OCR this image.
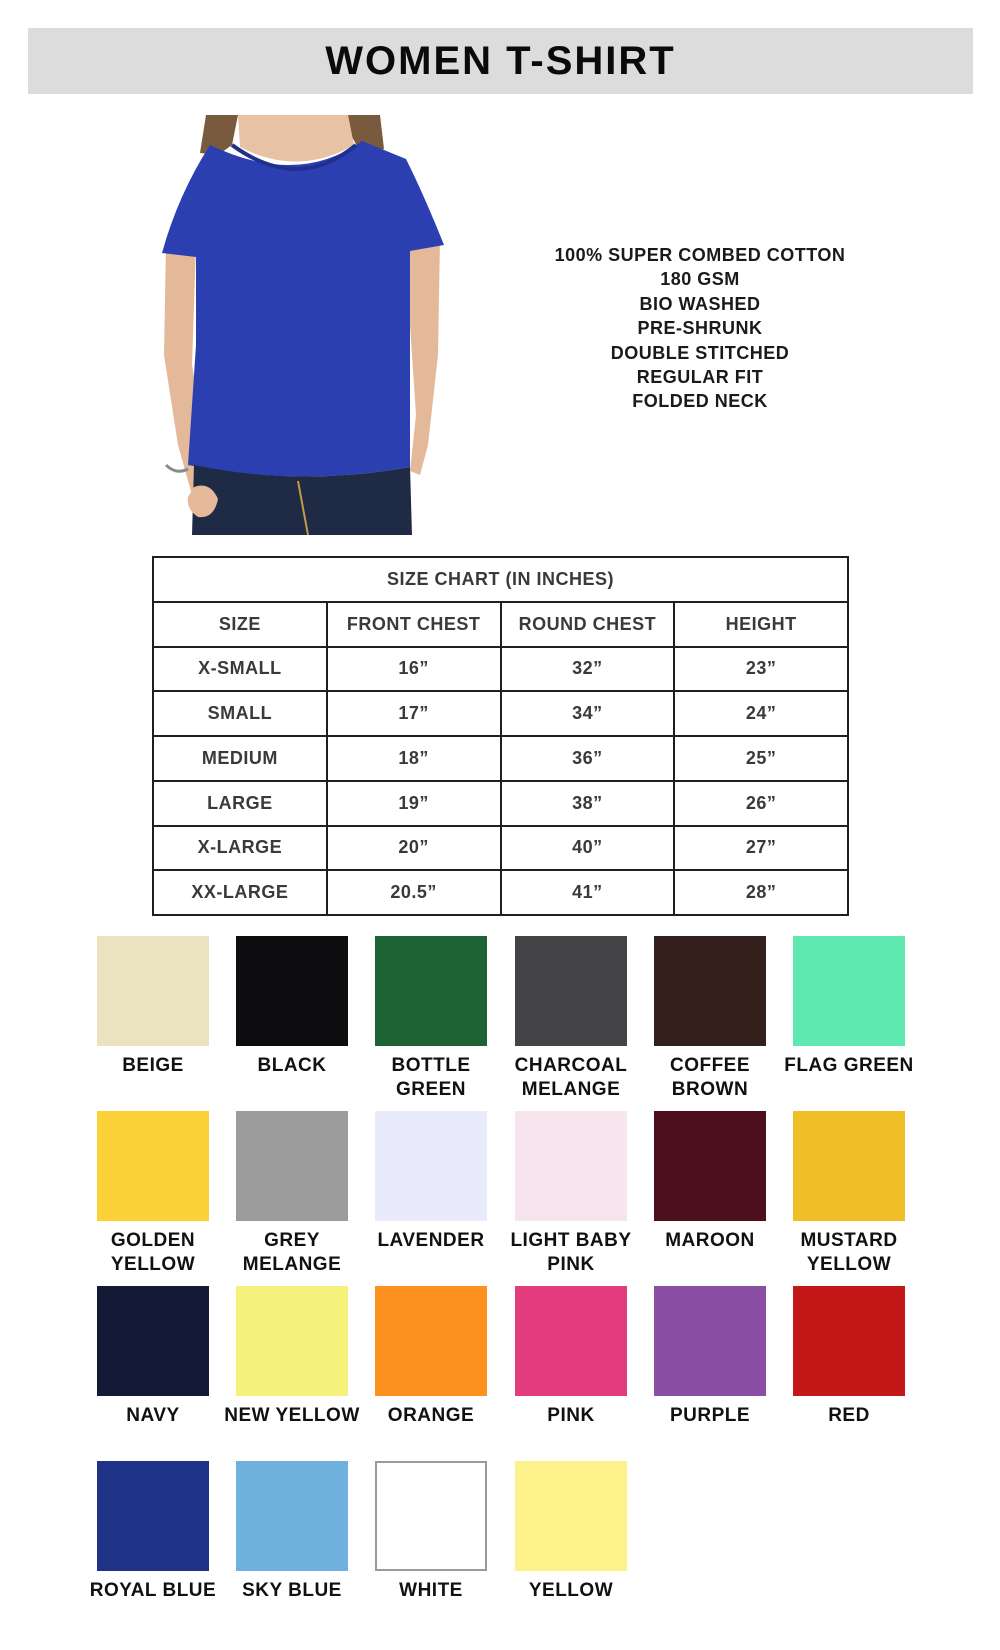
WOMEN T-SHIRT
100% SUPER COMBED COTTON
180 GSM
BIO WASHED
PRE-SHRUNK
DOUBLE STITCHED
REGULAR FIT
FOLDED NECK
SIZE CHART (IN INCHES)			
SIZE	FRONT CHEST	ROUND CHEST	HEIGHT
X-SMALL	16”	32”	23”
SMALL	17”	34”	24”
MEDIUM	18”	36”	25”
LARGE	19”	38”	26”
X-LARGE	20”	40”	27”
XX-LARGE	20.5”	41”	28”
BEIGE	BLACK	BOTTLE GREEN
CHARCOAL MELANGE
COFFEE BROWN
FLAG GREEN
GOLDEN YELLOW
GREY MELANGE
LAVENDER	LIGHT BABY PINK
MAROON	MUSTARD YELLOW
NAVY	NEW YELLOW	ORANGE	PINK	PURPLE	RED
ROYAL BLUE	SKY BLUE	WHITE	YELLOW
